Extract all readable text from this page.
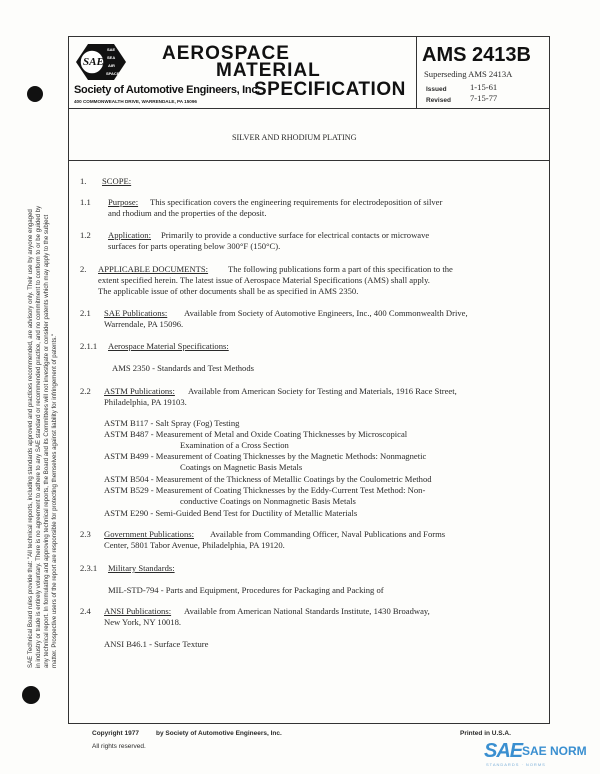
SAE Technical Board rules provide that: "All technical reports, including standards approved and practices recommended, are advisory only. Their use by anyone engaged in industry or trade is entirely voluntary. There is no agreement to adhere to any SAE standard or recommended practice, and no commitment to conform to or be guided by any technical report. In formulating and approving technical reports, the Board and its Committees will not investigate or consider patents which may apply to the subject matter. Prospective users of the report are responsible for protecting themselves against liability for infringement of patents."
SAE
SAE
SEA
AIR
SPACE
AEROSPACE
MATERIAL
SPECIFICATION
Society of Automotive Engineers, Inc.
400 COMMONWEALTH DRIVE, WARRENDALE, PA 15096
AMS 2413B
Superseding AMS 2413A
Issued	1-15-61
Revised 7-15-77
SILVER AND RHODIUM PLATING
1. SCOPE:
1.1 Purpose: This specification covers the engineering requirements for electrodeposition of silver
and rhodium and the properties of the deposit.
1.2 Application: Primarily to provide a conductive surface for electrical contacts or microwave
surfaces for parts operating below 300°F (150°C).
2. APPLICABLE DOCUMENTS: The following publications form a part of this specification to the
extent specified herein. The latest issue of Aerospace Material Specifications (AMS) shall apply.
The applicable issue of other documents shall be as specified in AMS 2350.
2.1 SAE Publications: Available from Society of Automotive Engineers, Inc., 400 Commonwealth Drive,
Warrendale, PA 15096.
2.1.1 Aerospace Material Specifications:
AMS 2350 - Standards and Test Methods
2.2 ASTM Publications: Available from American Society for Testing and Materials, 1916 Race Street,
Philadelphia, PA 19103.
ASTM B117 - Salt Spray (Fog) Testing
ASTM B487 - Measurement of Metal and Oxide Coating Thicknesses by Microscopical
Examination of a Cross Section
ASTM B499 - Measurement of Coating Thicknesses by the Magnetic Methods: Nonmagnetic
Coatings on Magnetic Basis Metals
ASTM B504 - Measurement of the Thickness of Metallic Coatings by the Coulometric Method
ASTM B529 - Measurement of Coating Thicknesses by the Eddy-Current Test Method: Non-
conductive Coatings on Nonmagnetic Basis Metals
ASTM E290 - Semi-Guided Bend Test for Ductility of Metallic Materials
2.3 Government Publications: Available from Commanding Officer, Naval Publications and Forms
Center, 5801 Tabor Avenue, Philadelphia, PA 19120.
2.3.1 Military Standards:
MIL-STD-794 - Parts and Equipment, Procedures for Packaging and Packing of
2.4 ANSI Publications: Available from American National Standards Institute, 1430 Broadway,
New York, NY 10018.
ANSI B46.1 - Surface Texture
Copyright 1977	by Society of Automotive Engineers, Inc.
All rights reserved.
Printed in U.S.A.
SAE SAE NORM
STANDARDS · NORMS
